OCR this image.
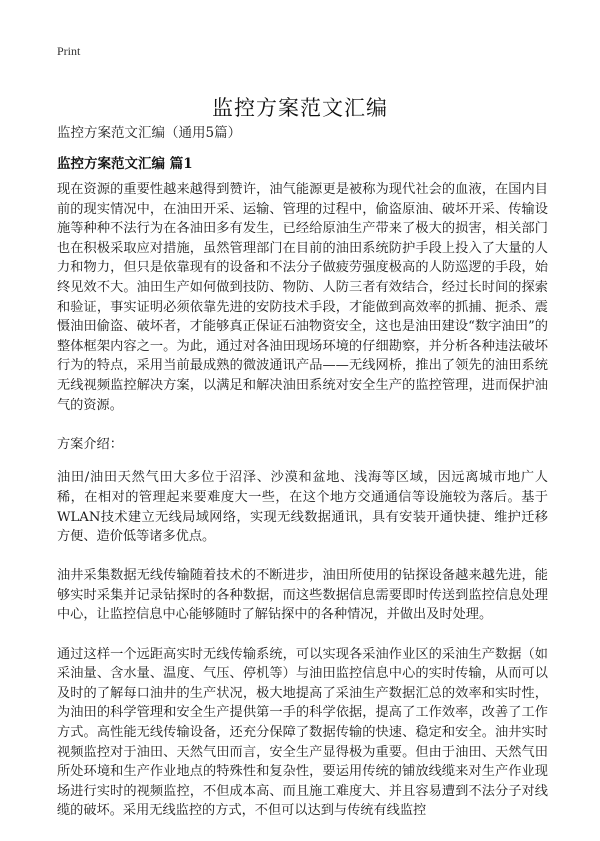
Print
监控方案范文汇编
监控方案范文汇编（通用5篇）
监控方案范文汇编 篇1

现在资源的重要性越来越得到赞许，油气能源更是被称为现代社会的血液，在国内目前的现实情况中，在油田开采、运输、管理的过程中，偷盗原油、破坏开采、传输设施等种种不法行为在各油田多有发生，已经给原油生产带来了极大的损害，相关部门也在积极采取应对措施，虽然管理部门在目前的油田系统防护手段上投入了大量的人力和物力，但只是依靠现有的设备和不法分子做疲劳强度极高的人防巡逻的手段，始终见效不大。油田生产如何做到技防、物防、人防三者有效结合，经过长时间的探索和验证，事实证明必须依靠先进的安防技术手段，才能做到高效率的抓捕、扼杀、震慑油田偷盗、破坏者，才能够真正保证石油物资安全，这也是油田建设“数字油田”的整体框架内容之一。为此，通过对各油田现场环境的仔细勘察，并分析各种违法破坏行为的特点，采用当前最成熟的微波通讯产品——无线网桥，推出了领先的油田系统无线视频监控解决方案，以满足和解决油田系统对安全生产的监控管理，进而保护油气的资源。

方案介绍：

油田/油田天然气田大多位于沼泽、沙漠和盆地、浅海等区域，因远离城市地广人稀，在相对的管理起来要难度大一些，在这个地方交通通信等设施较为落后。基于WLAN技术建立无线局域网络，实现无线数据通讯，具有安装开通快捷、维护迁移方便、造价低等诸多优点。

油井采集数据无线传输随着技术的不断进步，油田所使用的钻探设备越来越先进，能够实时采集并记录钻探时的各种数据，而这些数据信息需要即时传送到监控信息处理中心，让监控信息中心能够随时了解钻探中的各种情况，并做出及时处理。

通过这样一个远距高实时无线传输系统，可以实现各采油作业区的采油生产数据（如采油量、含水量、温度、气压、停机等）与油田监控信息中心的实时传输，从而可以及时的了解每口油井的生产状况，极大地提高了采油生产数据汇总的效率和实时性，为油田的科学管理和安全生产提供第一手的科学依据，提高了工作效率，改善了工作方式。高性能无线传输设备，还充分保障了数据传输的快速、稳定和安全。油井实时视频监控对于油田、天然气田而言，安全生产显得极为重要。但由于油田、天然气田所处环境和生产作业地点的特殊性和复杂性，要运用传统的铺放线缆来对生产作业现场进行实时的视频监控，不但成本高、而且施工难度大、并且容易遭到不法分子对线缆的破坏。采用无线监控的方式，不但可以达到与传统有线监控
